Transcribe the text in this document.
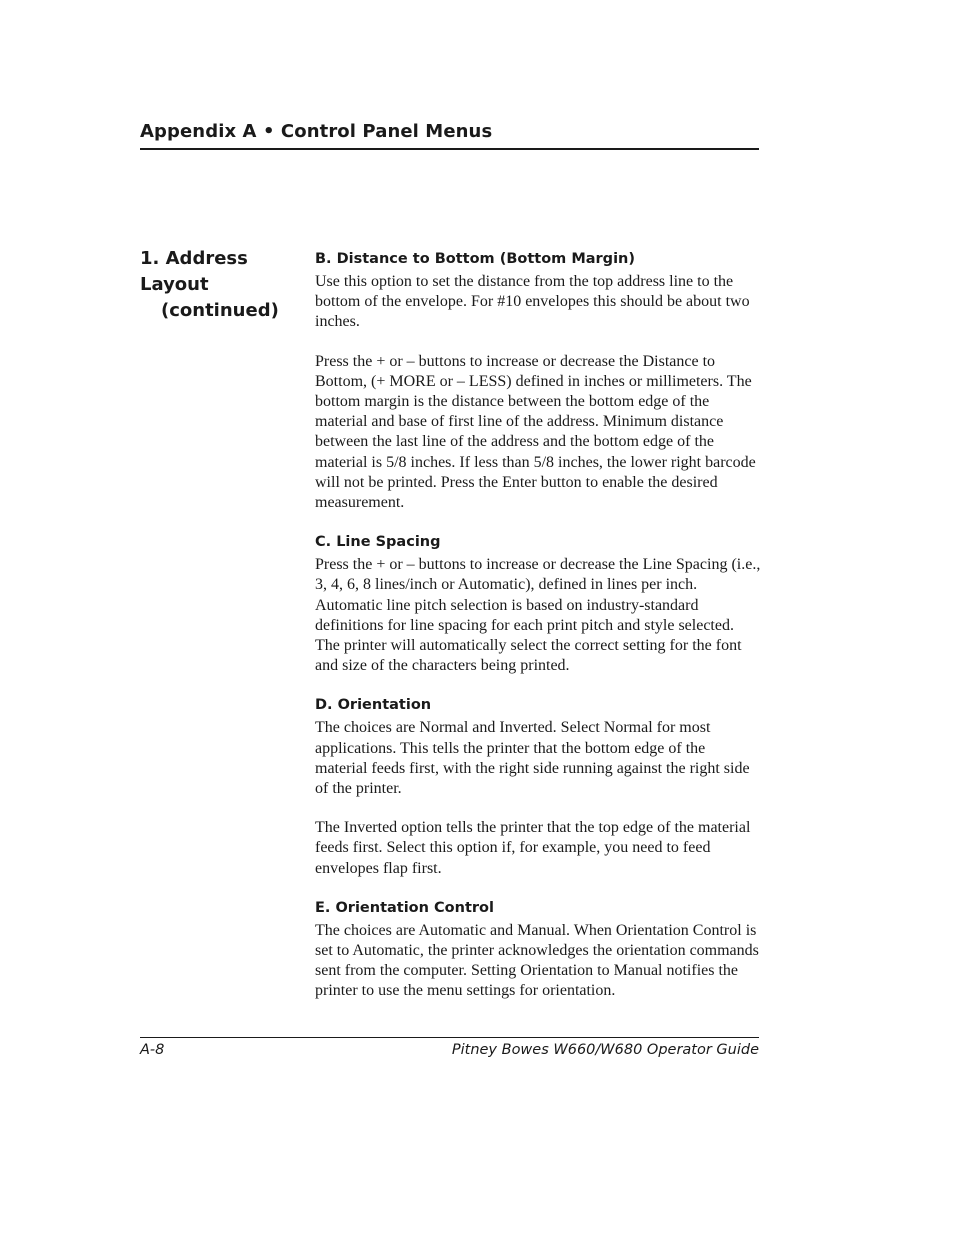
Appendix A • Control Panel Menus
1. Address Layout
(continued)
B. Distance to Bottom (Bottom Margin)

Use this option to set the distance from the top address line to the bottom of the envelope. For #10 envelopes this should be about two inches.

Press the + or – buttons to increase or decrease the Distance to Bottom, (+ MORE or – LESS) defined in inches or millimeters. The bottom margin is the distance between the bottom edge of the material and base of first line of the address. Minimum distance between the last line of the address and the bottom edge of the material is 5/8 inches. If less than 5/8 inches, the lower right barcode will not be printed. Press the Enter button to enable the desired measurement.

C. Line Spacing

Press the + or – buttons to increase or decrease the Line Spacing (i.e., 3, 4, 6, 8 lines/inch or Automatic), defined in lines per inch. Automatic line pitch selection is based on industry-standard definitions for line spacing for each print pitch and style selected. The printer will automatically select the correct setting for the font and size of the characters being printed.

D. Orientation

The choices are Normal and Inverted. Select Normal for most applications. This tells the printer that the bottom edge of the material feeds first, with the right side running against the right side of the printer.

The Inverted option tells the printer that the top edge of the material feeds first. Select this option if, for example, you need to feed envelopes flap first.

E. Orientation Control

The choices are Automatic and Manual. When Orientation Control is set to Automatic, the printer acknowledges the orientation commands sent from the computer. Setting Orientation to Manual notifies the printer to use the menu settings for orientation.

A-8	Pitney Bowes W660/W680 Operator Guide
